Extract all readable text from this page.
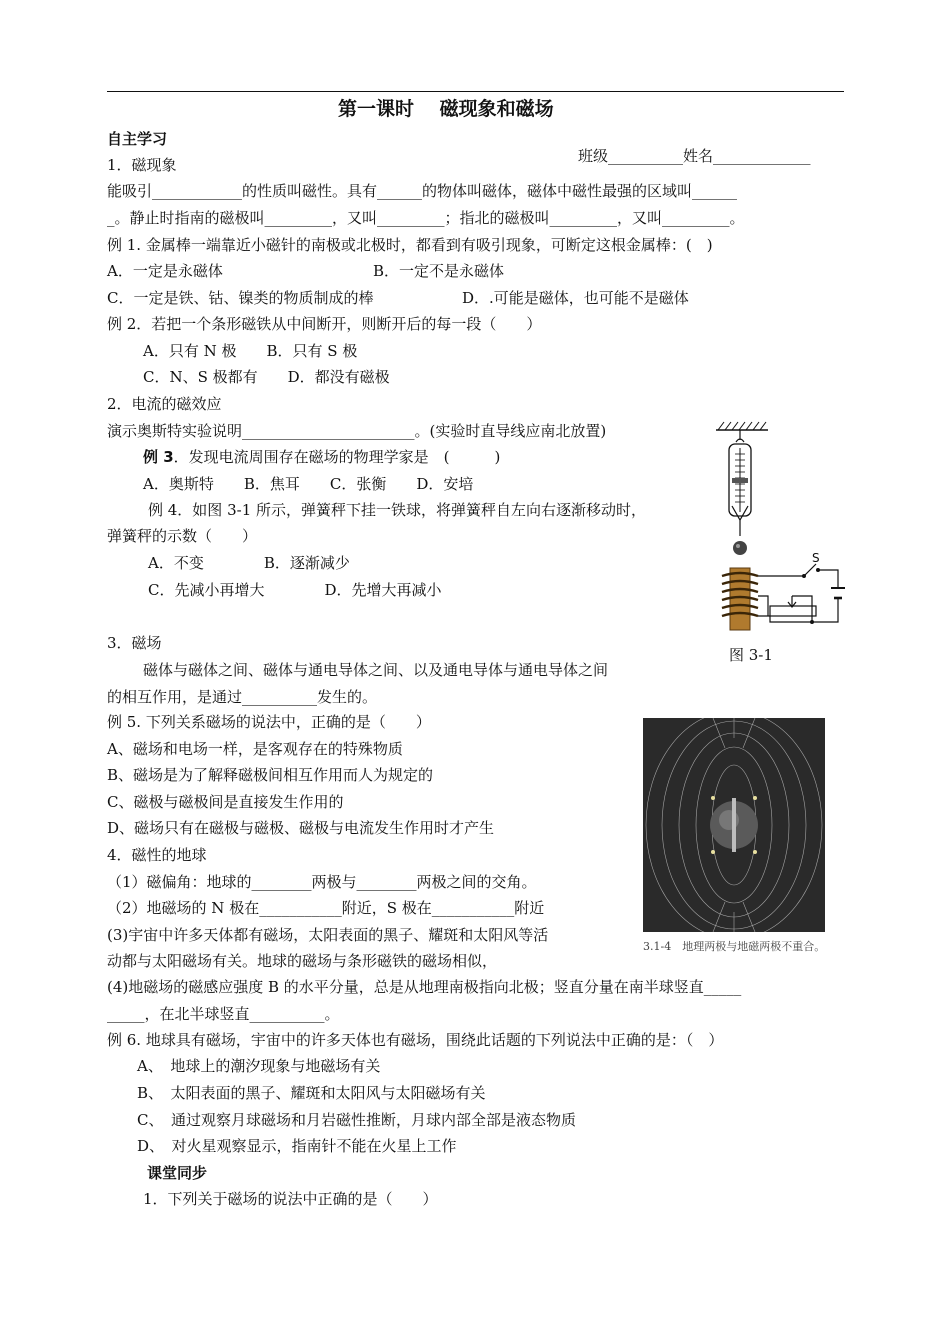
第一课时　 磁现象和磁场
自主学习
班级__________姓名_____________
1．磁现象
能吸引____________的性质叫磁性。具有______的物体叫磁体，磁体中磁性最强的区域叫______
_。静止时指南的磁极叫_________，又叫_________；指北的磁极叫_________，又叫_________。
例 1. 金属棒一端靠近小磁针的南极或北极时，都看到有吸引现象，可断定这根金属棒：(　)
A．一定是永磁体	B．一定不是永磁体
C．一定是铁、钴、镍类的物质制成的棒	D．.可能是磁体，也可能不是磁体
例 2．若把一个条形磁铁从中间断开，则断开后的每一段（　　）
A．只有 N 极　　B．只有 S 极
C．N、S 极都有　　D．都没有磁极
2．电流的磁效应
演示奥斯特实验说明_______________________。(实验时直导线应南北放置)
例 3．发现电流周围存在磁场的物理学家是　(　　　)
A．奥斯特　　B．焦耳　　C．张衡　　D．安培
例 4．如图 3-1 所示，弹簧秤下挂一铁球，将弹簧秤自左向右逐渐移动时，
弹簧秤的示数（　　）
A．不变　　　　B．逐渐减少
C．先减小再增大　　　　D．先增大再减小
S
图 3-1
3．磁场
磁体与磁体之间、磁体与通电导体之间、以及通电导体与通电导体之间
的相互作用，是通过__________发生的。
例 5. 下列关系磁场的说法中，正确的是（　　）
A、磁场和电场一样，是客观存在的特殊物质
B、磁场是为了解释磁极间相互作用而人为规定的
C、磁极与磁极间是直接发生作用的
D、磁场只有在磁极与磁极、磁极与电流发生作用时才产生
3.1-4　地理两极与地磁两极不重合。
4．磁性的地球
（1）磁偏角：地球的________两极与________两极之间的交角。
（2）地磁场的 N 极在___________附近，S 极在___________附近
(3)宇宙中许多天体都有磁场，太阳表面的黑子、耀斑和太阳风等活
动都与太阳磁场有关。地球的磁场与条形磁铁的磁场相似，
(4)地磁场的磁感应强度 B 的水平分量，总是从地理南极指向北极；竖直分量在南半球竖直_____
_____，在北半球竖直__________。
例 6. 地球具有磁场，宇宙中的许多天体也有磁场，围绕此话题的下列说法中正确的是：（　）
A、　地球上的潮汐现象与地磁场有关
B、　太阳表面的黑子、耀斑和太阳风与太阳磁场有关
C、　通过观察月球磁场和月岩磁性推断，月球内部全部是液态物质
D、　对火星观察显示，指南针不能在火星上工作
课堂同步
1．下列关于磁场的说法中正确的是（　　）
